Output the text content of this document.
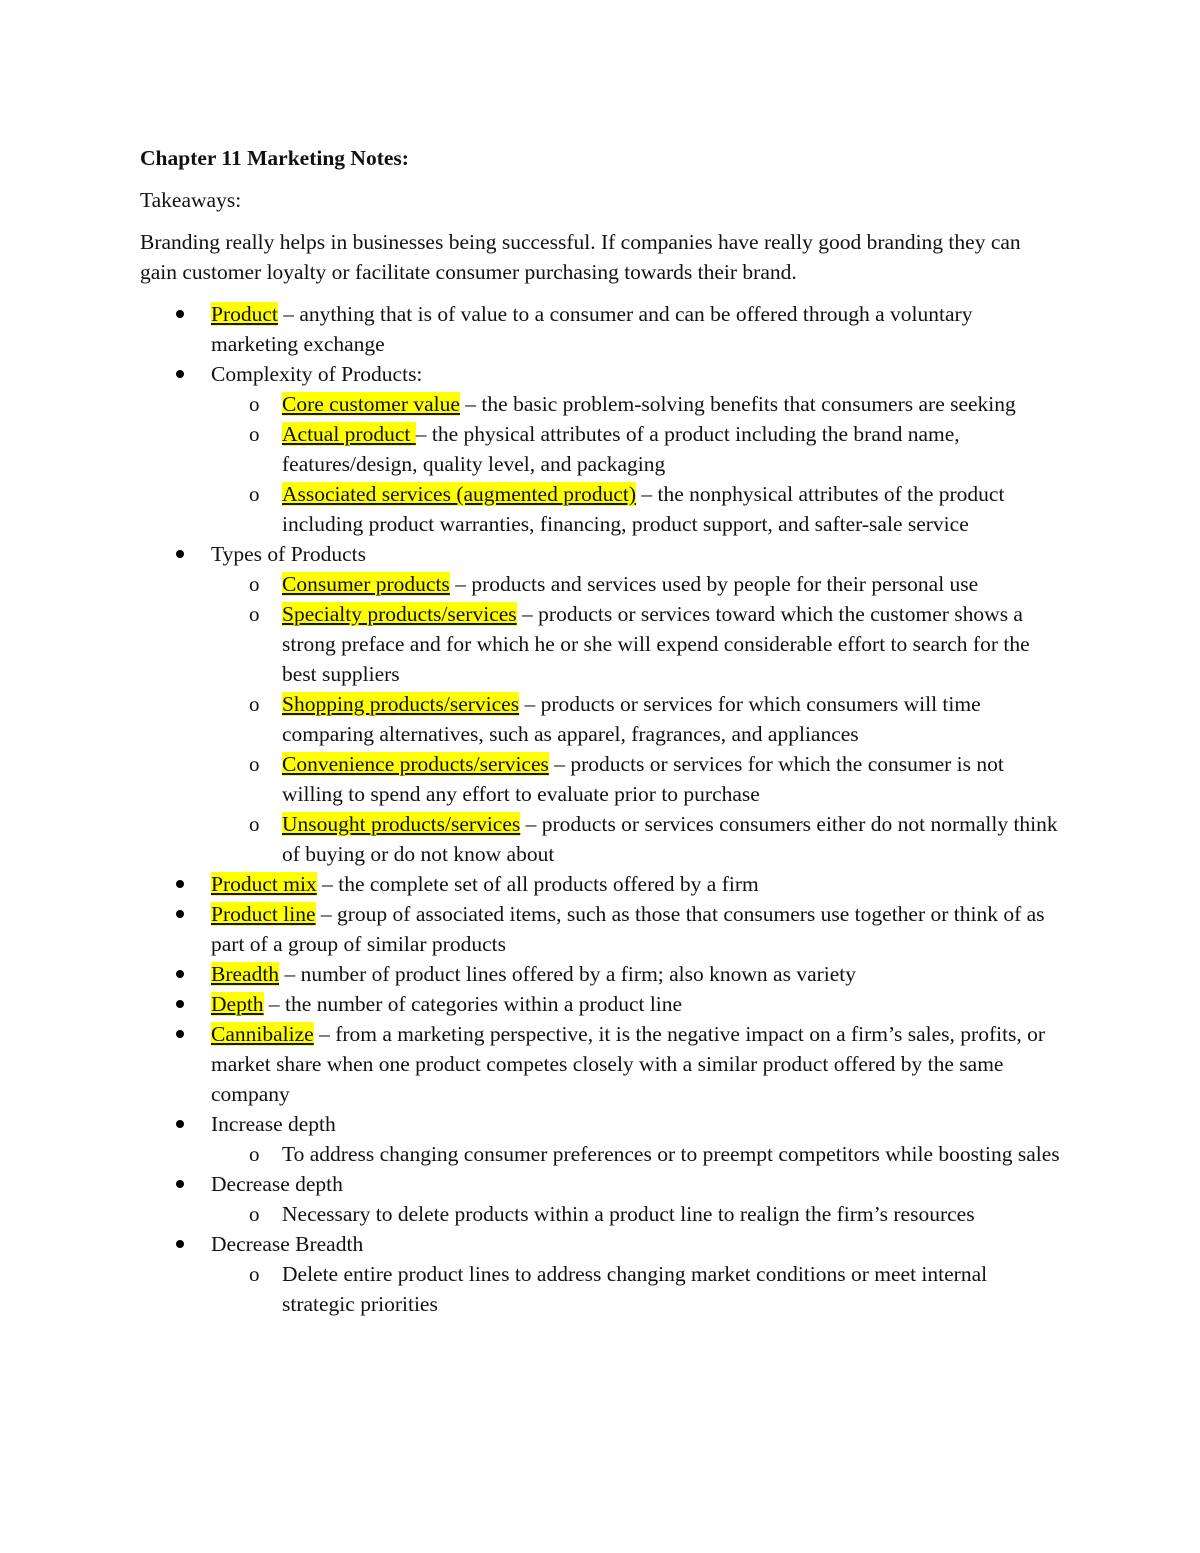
Chapter 11 Marketing Notes:

Takeaways:

Branding really helps in businesses being successful. If companies have really good branding they can gain customer loyalty or facilitate consumer purchasing towards their brand.

Product – anything that is of value to a consumer and can be offered through a voluntary marketing exchange
Complexity of Products:
o Core customer value – the basic problem-solving benefits that consumers are seeking
o Actual product – the physical attributes of a product including the brand name, features/design, quality level, and packaging
o Associated services (augmented product) – the nonphysical attributes of the product including product warranties, financing, product support, and safter-sale service
Types of Products
o Consumer products – products and services used by people for their personal use
o Specialty products/services – products or services toward which the customer shows a strong preface and for which he or she will expend considerable effort to search for the best suppliers
o Shopping products/services – products or services for which consumers will time comparing alternatives, such as apparel, fragrances, and appliances
o Convenience products/services – products or services for which the consumer is not willing to spend any effort to evaluate prior to purchase
o Unsought products/services – products or services consumers either do not normally think of buying or do not know about
Product mix – the complete set of all products offered by a firm
Product line – group of associated items, such as those that consumers use together or think of as part of a group of similar products
Breadth – number of product lines offered by a firm; also known as variety
Depth – the number of categories within a product line
Cannibalize – from a marketing perspective, it is the negative impact on a firm’s sales, profits, or market share when one product competes closely with a similar product offered by the same company
Increase depth
o To address changing consumer preferences or to preempt competitors while boosting sales
Decrease depth
o Necessary to delete products within a product line to realign the firm’s resources
Decrease Breadth
o Delete entire product lines to address changing market conditions or meet internal strategic priorities
